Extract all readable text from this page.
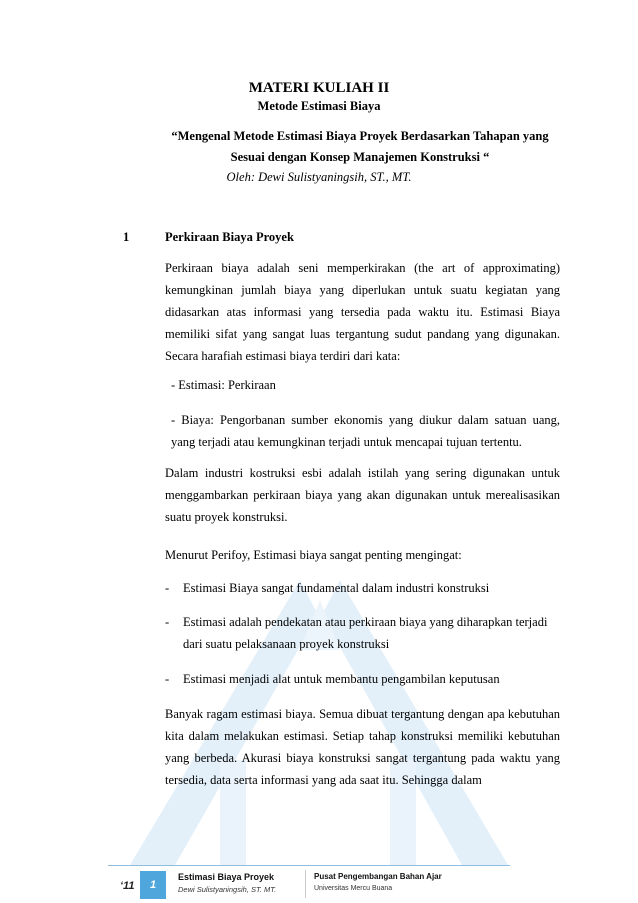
MATERI KULIAH II
Metode Estimasi Biaya
“Mengenal Metode Estimasi Biaya Proyek Berdasarkan Tahapan yang
Sesuai dengan Konsep Manajemen Konstruksi “
Oleh: Dewi Sulistyaningsih, ST., MT.
1	Perkiraan Biaya Proyek
Perkiraan biaya adalah seni memperkirakan (the art of approximating) kemungkinan jumlah biaya yang diperlukan untuk suatu kegiatan yang didasarkan atas informasi yang tersedia pada waktu itu. Estimasi Biaya memiliki sifat yang sangat luas tergantung sudut pandang yang digunakan. Secara harafiah estimasi biaya terdiri dari kata:
- Estimasi: Perkiraan
- Biaya: Pengorbanan sumber ekonomis yang diukur dalam satuan uang, yang terjadi atau kemungkinan terjadi untuk mencapai tujuan tertentu.
Dalam industri kostruksi esbi adalah istilah yang sering digunakan untuk menggambarkan perkiraan biaya yang akan digunakan untuk merealisasikan suatu proyek konstruksi.
Menurut Perifoy, Estimasi biaya sangat penting mengingat:
- Estimasi Biaya sangat fundamental dalam industri konstruksi
- Estimasi adalah pendekatan atau perkiraan biaya yang diharapkan terjadi dari suatu pelaksanaan proyek konstruksi
- Estimasi menjadi alat untuk membantu pengambilan keputusan
Banyak ragam estimasi biaya. Semua dibuat tergantung dengan apa kebutuhan kita dalam melakukan estimasi. Setiap tahap konstruksi memiliki kebutuhan yang berbeda. Akurasi biaya konstruksi sangat tergantung pada waktu yang tersedia, data serta informasi yang ada saat itu. Sehingga dalam
‘11	1
Estimasi Biaya Proyek
Dewi Sulistyaningsih, ST. MT.
Pusat Pengembangan Bahan Ajar
Universitas Mercu Buana
